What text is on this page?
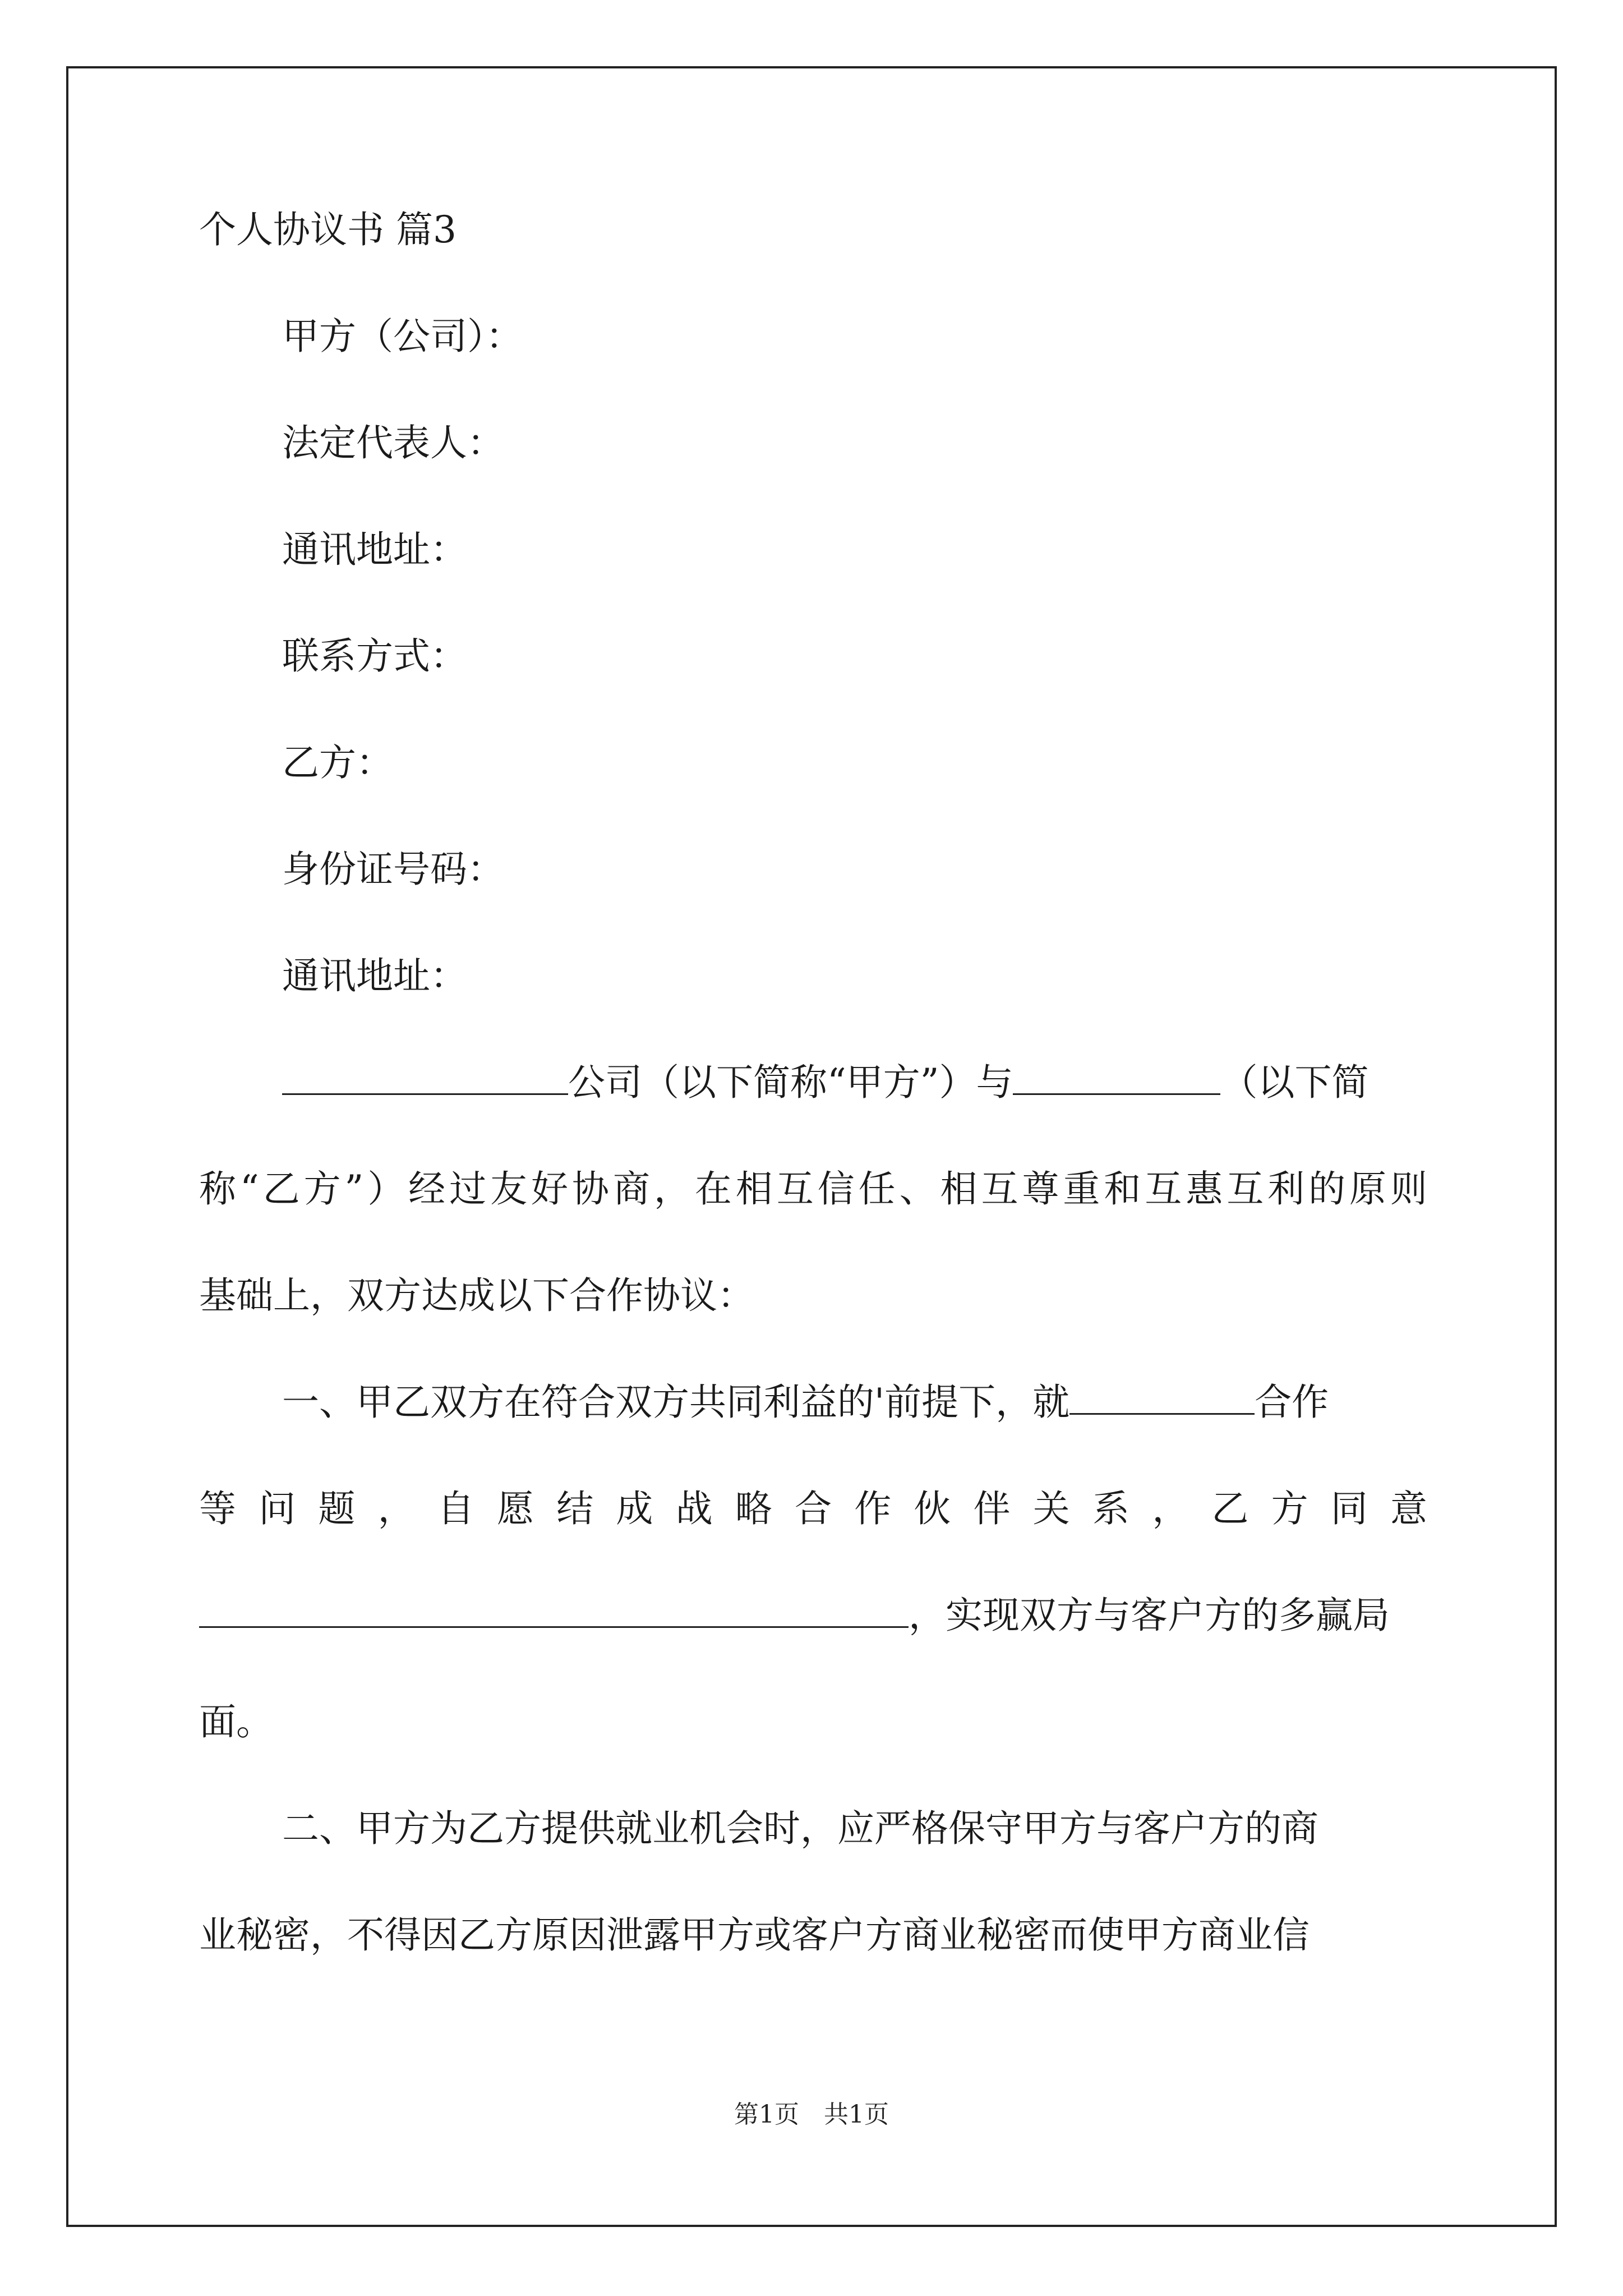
个人协议书 篇3
甲方（公司）：
法定代表人：
通讯地址：
联系方式：
乙方：
身份证号码：
通讯地址：
公司（以下简称“甲方”）与	（以下简
称“乙方”）经过友好协商，在相互信任、相互尊重和互惠互利的原则
基础上，双方达成以下合作协议：
一、甲乙双方在符合双方共同利益的'前提下，就	合作
等问题，自愿结成战略合作伙伴关系，乙方同意
，实现双方与客户方的多赢局
面。
二、甲方为乙方提供就业机会时，应严格保守甲方与客户方的商
业秘密，不得因乙方原因泄露甲方或客户方商业秘密而使甲方商业信
第1页　共1页
